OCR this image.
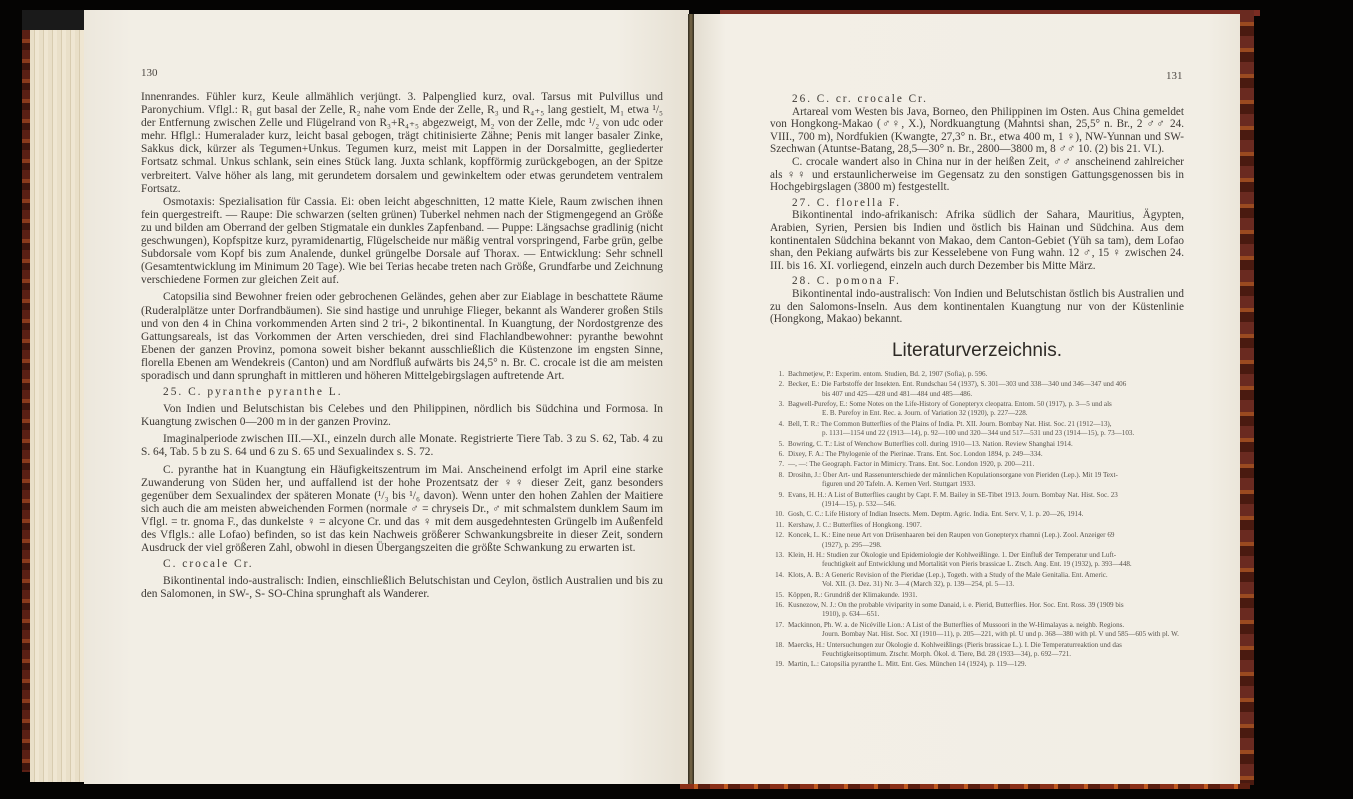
130

Innenrandes. Fühler kurz, Keule allmählich verjüngt. 3. Palpenglied kurz, oval. Tarsus mit Pulvillus und Paronychium. Vflgl.: R₁ gut basal der Zelle, R₂ nahe vom Ende der Zelle, R₃ und R₄₊₅ lang gestielt, M₁ etwa ¹/₅ der Entfernung zwischen Zelle und Flügelrand von R₃+R₄₊₅ abgezweigt, M₂ von der Zelle, mdc ¹/₂ von udc oder mehr. Hflgl.: Humeralader kurz, leicht basal gebogen, trägt chitinisierte Zähne; Penis mit langer basaler Zinke, Sakkus dick, kürzer als Tegumen+Unkus. Tegumen kurz, meist mit Lappen in der Dorsalmitte, gegliederter Fortsatz schmal. Unkus schlank, sein eines Stück lang. Juxta schlank, kopfförmig zurückgebogen, an der Spitze verbreitert. Valve höher als lang, mit gerundetem dorsalem und gewinkeltem oder etwas gerundetem ventralem Fortsatz.

Osmotaxis: Spezialisation für Cassia. Ei: oben leicht abgeschnitten, 12 matte Kiele, Raum zwischen ihnen fein quergestreift. — Raupe: Die schwarzen (selten grünen) Tuberkel nehmen nach der Stigmengegend an Größe zu und bilden am Oberrand der gelben Stigmatale ein dunkles Zapfenband. — Puppe: Längsachse gradlinig (nicht geschwungen), Kopfspitze kurz, pyramidenartig, Flügelscheide nur mäßig ventral vorspringend, Farbe grün, gelbe Subdorsale vom Kopf bis zum Analende, dunkel grüngelbe Dorsale auf Thorax. — Entwicklung: Sehr schnell (Gesamtentwicklung im Minimum 20 Tage). Wie bei Terias hecabe treten nach Größe, Grundfarbe und Zeichnung verschiedene Formen zur gleichen Zeit auf.

Catopsilia sind Bewohner freien oder gebrochenen Geländes, gehen aber zur Eiablage in beschattete Räume (Ruderalplätze unter Dorfrandbäumen). Sie sind hastige und unruhige Flieger, bekannt als Wanderer großen Stils und von den 4 in China vorkommenden Arten sind 2 tri-, 2 bikontinental. In Kuangtung, der Nordostgrenze des Gattungsareals, ist das Vorkommen der Arten verschieden, drei sind Flachlandbewohner: pyranthe bewohnt Ebenen der ganzen Provinz, pomona soweit bisher bekannt ausschließlich die Küstenzone im engsten Sinne, florella Ebenen am Wendekreis (Canton) und am Nordfluß aufwärts bis 24,5° n. Br. C. crocale ist die am meisten sporadisch und dann sprunghaft in mittleren und höheren Mittelgebirgslagen auftretende Art.

25. C. pyranthe pyranthe L.

Von Indien und Belutschistan bis Celebes und den Philippinen, nördlich bis Südchina und Formosa. In Kuangtung zwischen 0—200 m in der ganzen Provinz.

Imaginalperiode zwischen III.—XI., einzeln durch alle Monate. Registrierte Tiere Tab. 3 zu S. 62, Tab. 4 zu S. 64, Tab. 5 b zu S. 64 und 6 zu S. 65 und Sexualindex s. S. 72.

C. pyranthe hat in Kuangtung ein Häufigkeitszentrum im Mai. Anscheinend erfolgt im April eine starke Zuwanderung von Süden her, und auffallend ist der hohe Prozentsatz der ♀♀ dieser Zeit, ganz besonders gegenüber dem Sexualindex der späteren Monate (¹/₃ bis ¹/₆ davon). Wenn unter den hohen Zahlen der Maitiere sich auch die am meisten abweichenden Formen (normale ♂ = chryseis Dr., ♂ mit schmalstem dunklem Saum im Vflgl. = tr. gnoma F., das dunkelste ♀ = alcyone Cr. und das ♀ mit dem ausgedehntesten Grüngelb im Außenfeld des Vflgls.: alle Lofao) befinden, so ist das kein Nachweis größerer Schwankungsbreite in dieser Zeit, sondern Ausdruck der viel größeren Zahl, obwohl in diesen Übergangszeiten die größte Schwankung zu erwarten ist.

C. crocale Cr.

Bikontinental indo-australisch: Indien, einschließlich Belutschistan und Ceylon, östlich Australien und bis zu den Salomonen, in SW-, S- SO-China sprunghaft als Wanderer.

131

26. C. cr. crocale Cr.

Artareal vom Westen bis Java, Borneo, den Philippinen im Osten. Aus China gemeldet von Hongkong-Makao (♂♀, X.), Nordkuangtung (Mahntsi shan, 25,5° n. Br., 2 ♂♂ 24. VIII., 700 m), Nordfukien (Kwangte, 27,3° n. Br., etwa 400 m, 1 ♀), NW-Yunnan und SW-Szechwan (Atuntse-Batang, 28,5—30° n. Br., 2800—3800 m, 8 ♂♂ 10. (2) bis 21. VI.).

C. crocale wandert also in China nur in der heißen Zeit, ♂♂ anscheinend zahlreicher als ♀♀ und erstaunlicherweise im Gegensatz zu den sonstigen Gattungsgenossen bis in Hochgebirgslagen (3800 m) festgestellt.

27. C. florella F.

Bikontinental indo-afrikanisch: Afrika südlich der Sahara, Mauritius, Ägypten, Arabien, Syrien, Persien bis Indien und östlich bis Hainan und Südchina. Aus dem kontinentalen Südchina bekannt von Makao, dem Canton-Gebiet (Yüh sa tam), dem Lofao shan, den Pekiang aufwärts bis zur Kesselebene von Fung wahn. 12 ♂, 15 ♀ zwischen 24. III. bis 16. XI. vorliegend, einzeln auch durch Dezember bis Mitte März.

28. C. pomona F.

Bikontinental indo-australisch: Von Indien und Belutschistan östlich bis Australien und zu den Salomons-Inseln. Aus dem kontinentalen Kuangtung nur von der Küstenlinie (Hongkong, Makao) bekannt.

Literaturverzeichnis.
1. Bachmetjew, P.: Experim. entom. Studien, Bd. 2, 1907 (Sofia), p. 596.
2. Becker, E.: Die Farbstoffe der Insekten. Ent. Rundschau 54 (1937), S. 301—303 und 338—340 und 346—347 und 406
bis 407 und 425—428 und 481—484 und 485—486.
3. Bagwell-Purefoy, E.: Some Notes on the Life-History of Gonepteryx cleopatra. Entom. 50 (1917), p. 3—5 und als
E. B. Purefoy in Ent. Rec. a. Journ. of Variation 32 (1920), p. 227—228.
4. Bell, T. R.: The Common Butterflies of the Plains of India. Pt. XII. Journ. Bombay Nat. Hist. Soc. 21 (1912—13),
p. 1131—1154 und 22 (1913—14), p. 92—100 und 320—344 und 517—531 und 23 (1914—15), p. 73—103.
5. Bowring, C. T.: List of Wenchow Butterflies coll. during 1910—13. Nation. Review Shanghai 1914.
6. Dixey, F. A.: The Phylogenie of the Pierinae. Trans. Ent. Soc. London 1894, p. 249—334.
7. —, —: The Geograph. Factor in Mimicry. Trans. Ent. Soc. London 1920, p. 200—211.
8. Drosihn, J.: Über Art- und Rassenunterschiede der männlichen Kopulationsorgane von Pieriden (Lep.). Mit 19 Text-
figuren und 20 Tafeln. A. Kernen Verl. Stuttgart 1933.
9. Evans, H. H.: A List of Butterflies caught by Capt. F. M. Bailey in SE-Tibet 1913. Journ. Bombay Nat. Hist. Soc. 23
(1914—15), p. 532—546.
10. Gosh, C. C.: Life History of Indian Insects. Mem. Deptm. Agric. India. Ent. Serv. V, 1. p. 20—26, 1914.
11. Kershaw, J. C.: Butterflies of Hongkong. 1907.
12. Koncek, L. K.: Eine neue Art von Drüsenhaaren bei den Raupen von Gonepteryx rhamni (Lep.). Zool. Anzeiger 69
(1927), p. 295—298.
13. Klein, H. H.: Studien zur Ökologie und Epidemiologie der Kohlweißlinge. 1. Der Einfluß der Temperatur und Luft-
feuchtigkeit auf Entwicklung und Mortalität von Pieris brassicae L. Ztsch. Ang. Ent. 19 (1932), p. 393—448.
14. Klots, A. B.: A Generic Revision of the Pieridae (Lep.), Togeth. with a Study of the Male Genitalia. Ent. Americ.
Vol. XII. (3. Dez. 31) Nr. 3—4 (March 32), p. 139—254, pl. 5—13.
15. Köppen, R.: Grundriß der Klimakunde. 1931.
16. Kusnezow, N. J.: On the probable viviparity in some Danaid, i. e. Pierid, Butterflies. Hor. Soc. Ent. Ross. 39 (1909 bis
1910), p. 634—651.
17. Mackinnon, Ph. W. a. de Nicéville Lion.: A List of the Butterflies of Mussoori in the W-Himalayas a. neighb. Regions.
Journ. Bombay Nat. Hist. Soc. XI (1910—11), p. 205—221, with pl. U und p. 368—380 with pl. V und 585—605 with pl. W.
18. Maercks, H.: Untersuchungen zur Ökologie d. Kohlweißlings (Pieris brassicae L.). I. Die Temperaturreaktion und das
Feuchtigkeitsoptimum. Ztschr. Morph. Ökol. d. Tiere, Bd. 28 (1933—34), p. 692—721.
19. Martin, L.: Catopsilia pyranthe L. Mitt. Ent. Ges. München 14 (1924), p. 119—129.
